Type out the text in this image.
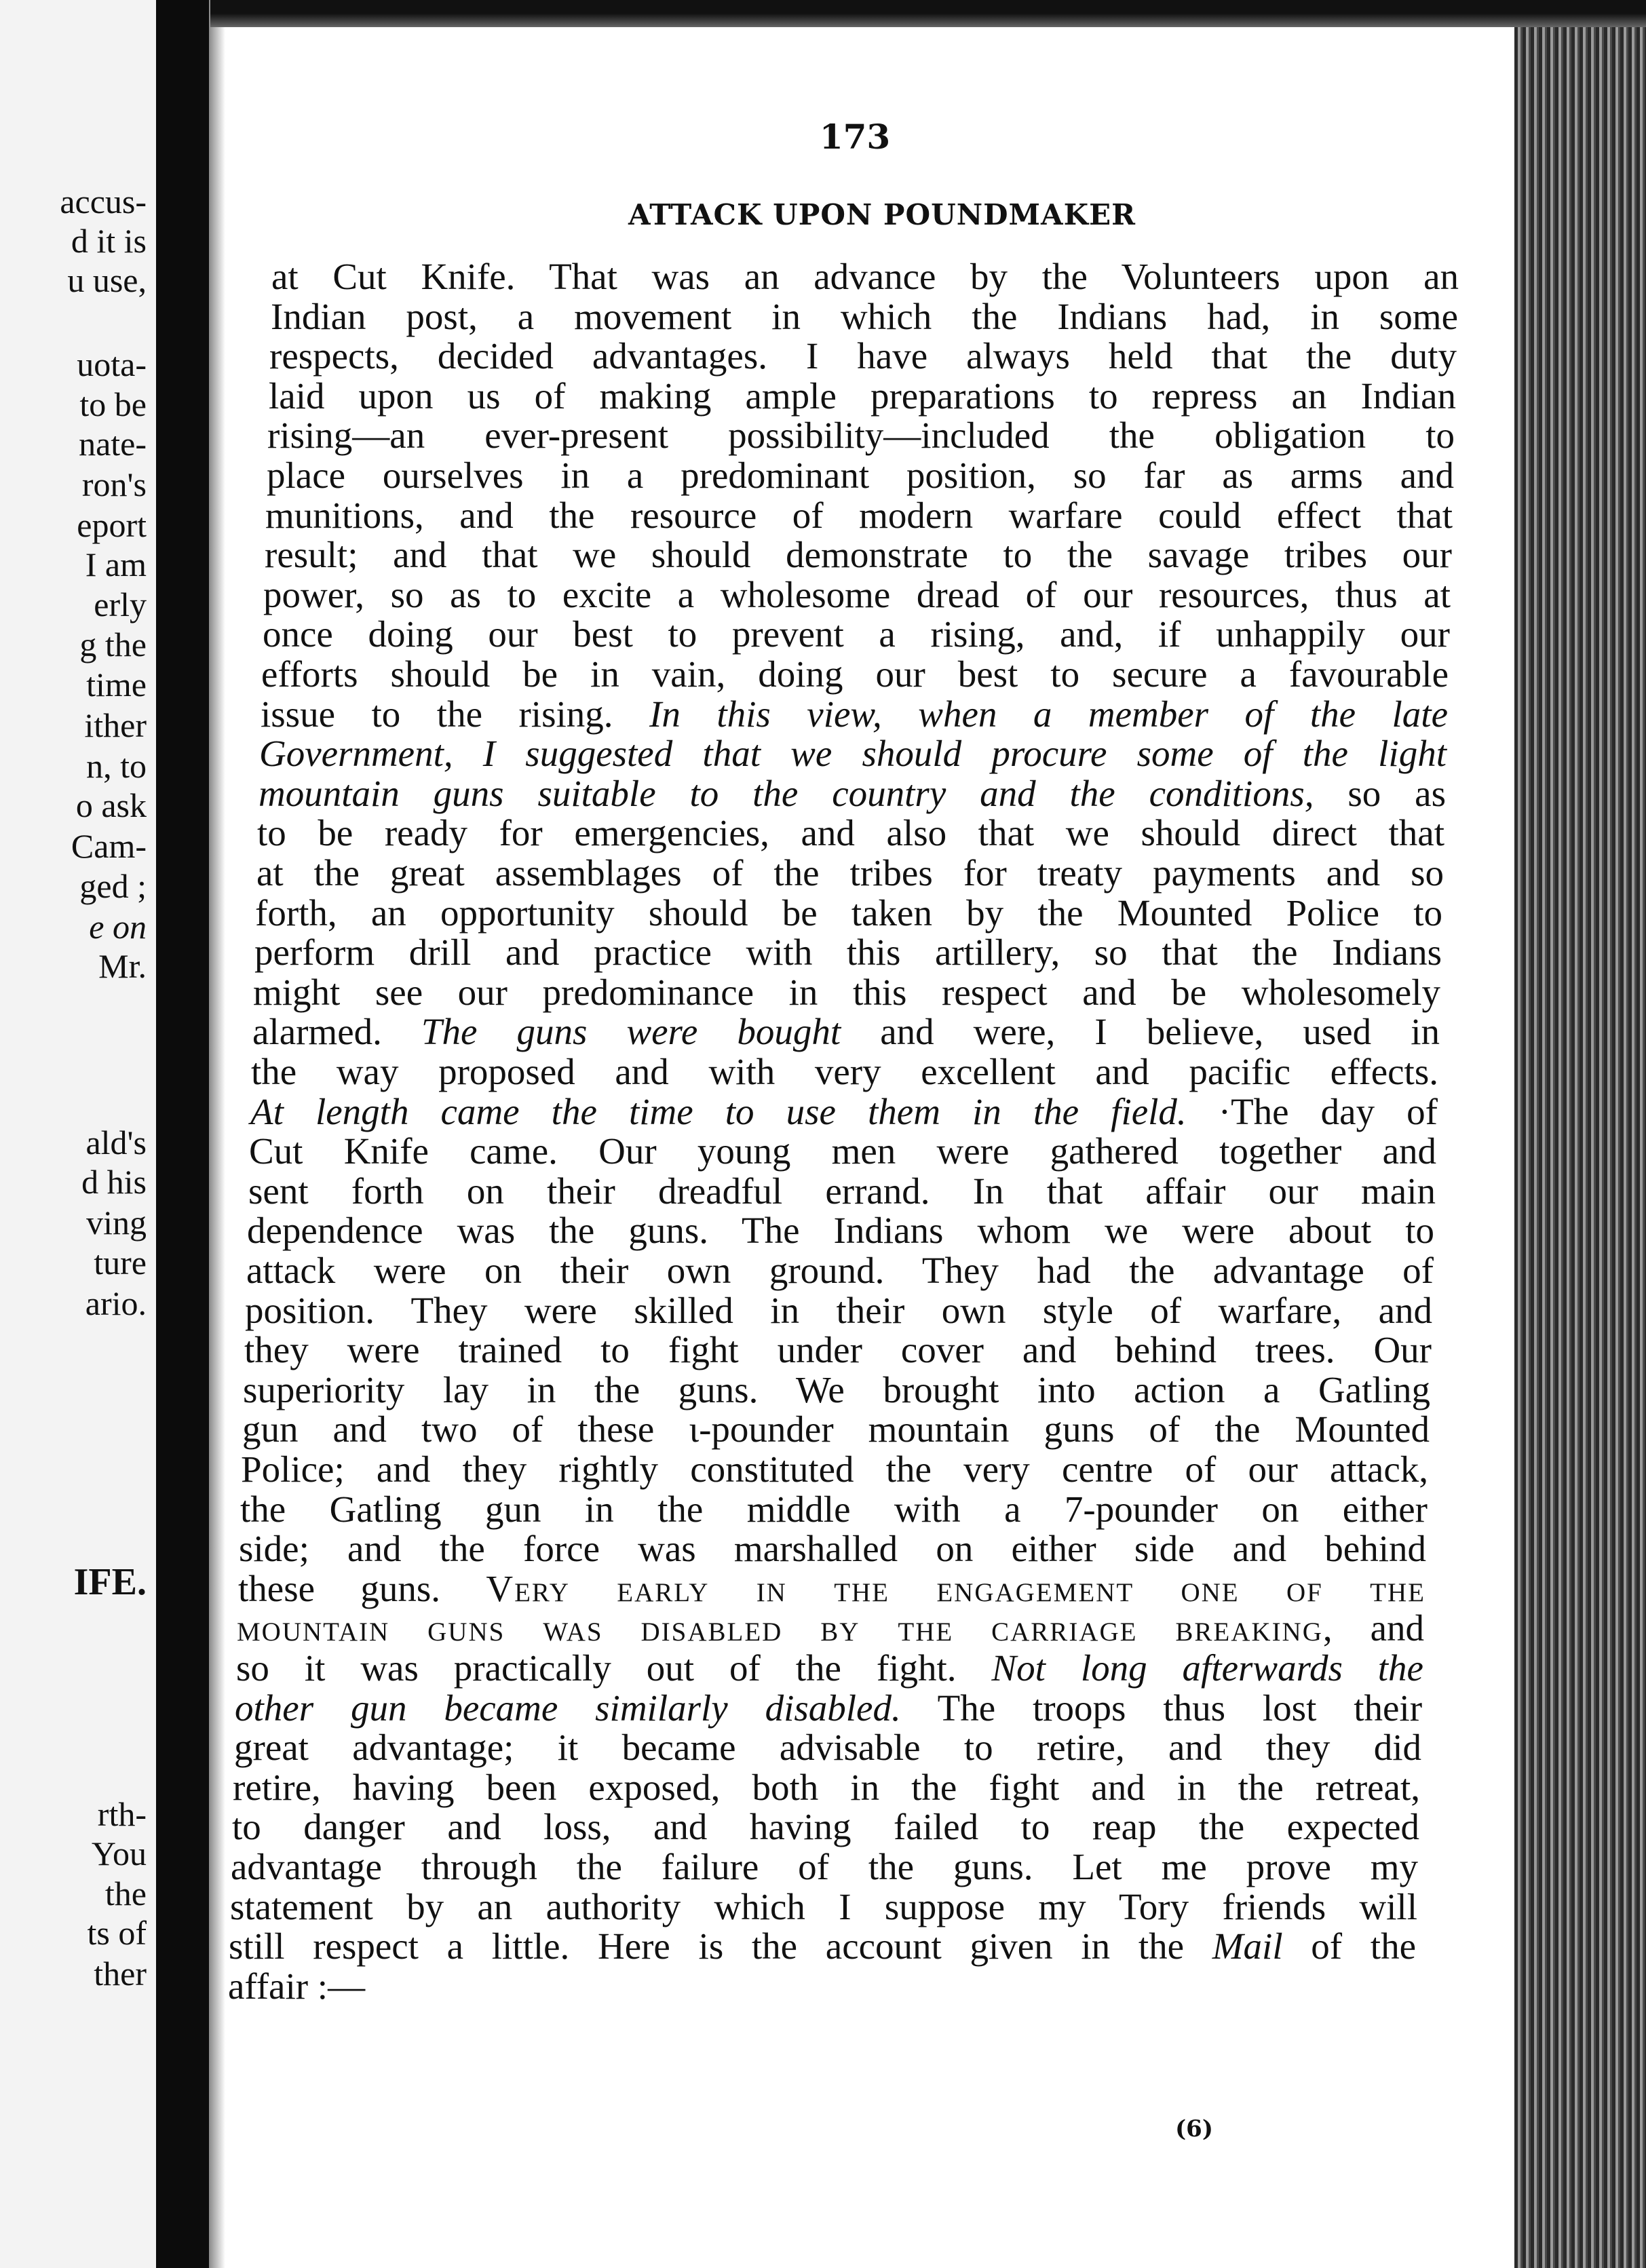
accus-
d it is
u use,
uota-
to be
nate-
ron's
eport
I am
erly
g the
time
ither
n, to
o ask
Cam-
ged ;
e on
Mr.
ald's
d his
ving
ture
ario.
IFE.
rth-
You
the
ts of
ther
173
ATTACK UPON POUNDMAKER
at Cut Knife. That was an advance by the Volunteers upon an
Indian post, a movement in which the Indians had, in some
respects, decided advantages. I have always held that the duty
laid upon us of making ample preparations to repress an Indian
rising—an ever-present possibility—included the obligation to
place ourselves in a predominant position, so far as arms and
munitions, and the resource of modern warfare could effect that
result; and that we should demonstrate to the savage tribes our
power, so as to excite a wholesome dread of our resources, thus at
once doing our best to prevent a rising, and, if unhappily our
efforts should be in vain, doing our best to secure a favourable
issue to the rising. In this view, when a member of the late
Government, I suggested that we should procure some of the light
mountain guns suitable to the country and the conditions, so as
to be ready for emergencies, and also that we should direct that
at the great assemblages of the tribes for treaty payments and so
forth, an opportunity should be taken by the Mounted Police to
perform drill and practice with this artillery, so that the Indians
might see our predominance in this respect and be wholesomely
alarmed. The guns were bought and were, I believe, used in
the way proposed and with very excellent and pacific effects.
At length came the time to use them in the field. ·The day of
Cut Knife came. Our young men were gathered together and
sent forth on their dreadful errand. In that affair our main
dependence was the guns. The Indians whom we were about to
attack were on their own ground. They had the advantage of
position. They were skilled in their own style of warfare, and
they were trained to fight under cover and behind trees. Our
superiority lay in the guns. We brought into action a Gatling
gun and two of these ɩ-pounder mountain guns of the Mounted
Police; and they rightly constituted the very centre of our attack,
the Gatling gun in the middle with a 7-pounder on either
side; and the force was marshalled on either side and behind
these guns. Very early in the engagement one of the
mountain guns was disabled by the carriage breaking, and
so it was practically out of the fight. Not long afterwards the
other gun became similarly disabled. The troops thus lost their
great advantage; it became advisable to retire, and they did
retire, having been exposed, both in the fight and in the retreat,
to danger and loss, and having failed to reap the expected
advantage through the failure of the guns. Let me prove my
statement by an authority which I suppose my Tory friends will
still respect a little. Here is the account given in the Mail of the
affair :—
(6)
